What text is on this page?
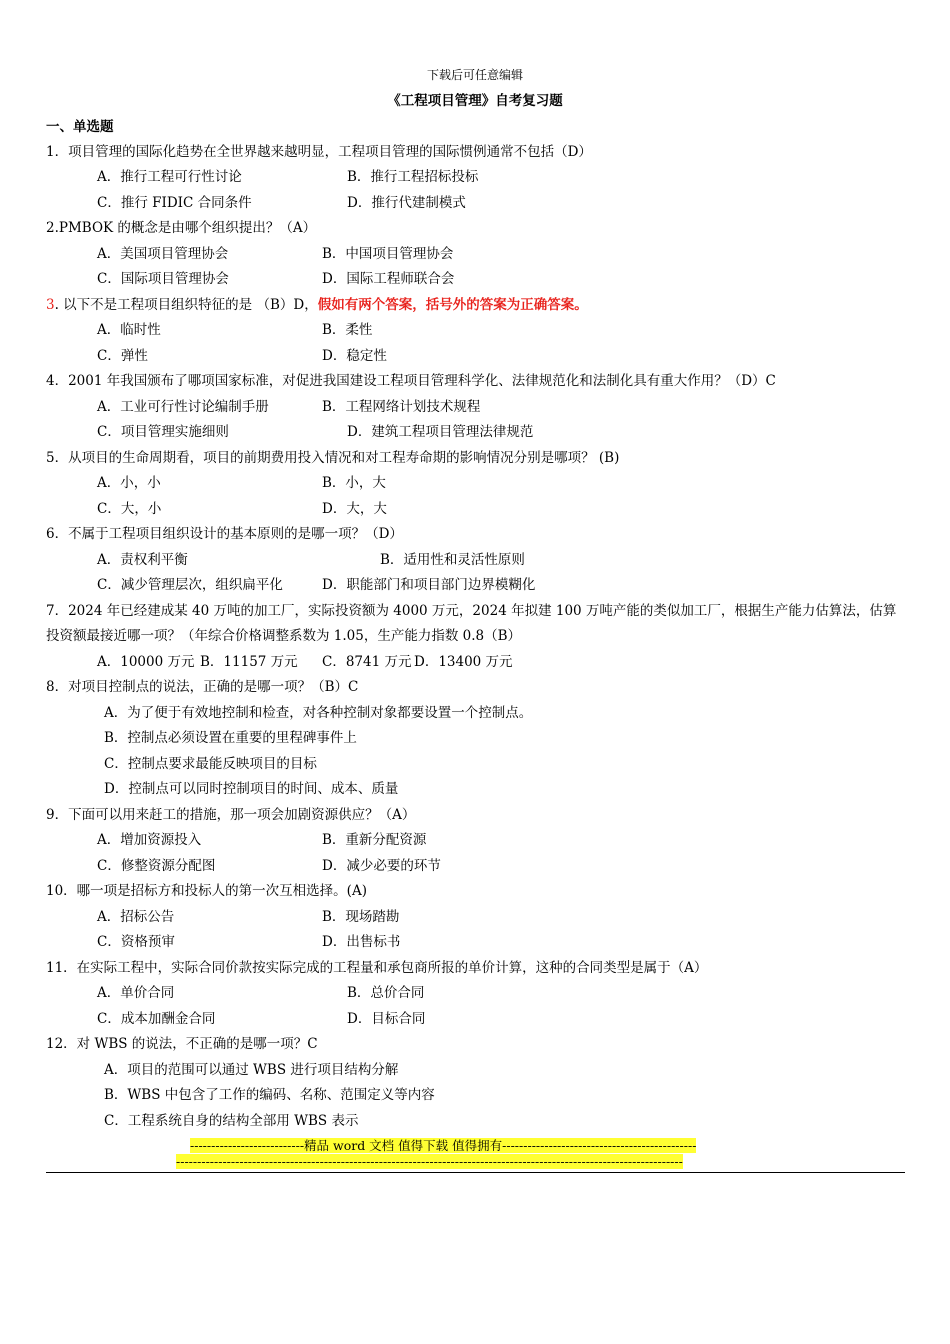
下载后可任意编辑
《工程项目管理》自考复习题
一、单选题
1．项目管理的国际化趋势在全世界越来越明显，工程项目管理的国际惯例通常不包括（D）
A．推行工程可行性讨论	B．推行工程招标投标
C．推行 FIDIC 合同条件	D．推行代建制模式
2.PMBOK 的概念是由哪个组织提出？（A）
A．美国项目管理协会	B．中国项目管理协会
C．国际项目管理协会	D．国际工程师联合会
3. 以下不是工程项目组织特征的是 （B）D，假如有两个答案，括号外的答案为正确答案。
A．临时性	B．柔性
C．弹性	D．稳定性
4．2001 年我国颁布了哪项国家标准，对促进我国建设工程项目管理科学化、法律规范化和法制化具有重大作用？（D）C
A．工业可行性讨论编制手册	B．工程网络计划技术规程
C．项目管理实施细则	D．建筑工程项目管理法律规范
5．从项目的生命周期看，项目的前期费用投入情况和对工程寿命期的影响情况分别是哪项？ (B)
A．小，小	B．小，大
C．大，小	D．大，大
6．不属于工程项目组织设计的基本原则的是哪一项？（D）
A．责权利平衡	B．适用性和灵活性原则
C．减少管理层次，组织扁平化	D．职能部门和项目部门边界模糊化
7．2024 年已经建成某 40 万吨的加工厂，实际投资额为 4000 万元，2024 年拟建 100 万吨产能的类似加工厂，根据生产能力估算法，估算
投资额最接近哪一项？（年综合价格调整系数为 1.05，生产能力指数 0.8（B）
A．10000 万元 B．11157 万元 C．8741 万元 D．13400 万元
8．对项目控制点的说法，正确的是哪一项？（B）C
A．为了便于有效地控制和检查，对各种控制对象都要设置一个控制点。
B．控制点必须设置在重要的里程碑事件上
C．控制点要求最能反映项目的目标
D．控制点可以同时控制项目的时间、成本、质量
9．下面可以用来赶工的措施，那一项会加剧资源供应？（A）
A．增加资源投入	B．重新分配资源
C．修整资源分配图	D．减少必要的环节
10．哪一项是招标方和投标人的第一次互相选择。(A)
A．招标公告	B．现场踏勘
C．资格预审	D．出售标书
11．在实际工程中，实际合同价款按实际完成的工程量和承包商所报的单价计算，这种的合同类型是属于（A）
A．单价合同	B．总价合同
C．成本加酬金合同	D．目标合同
12．对 WBS 的说法，不正确的是哪一项？C
A．项目的范围可以通过 WBS 进行项目结构分解
B．WBS 中包含了工作的编码、名称、范围定义等内容
C．工程系统自身的结构全部用 WBS 表示
---------------------------精品 word 文档 值得下载 值得拥有----------------------------------------------
------------------------------------------------------------------------------------------------------------------------
